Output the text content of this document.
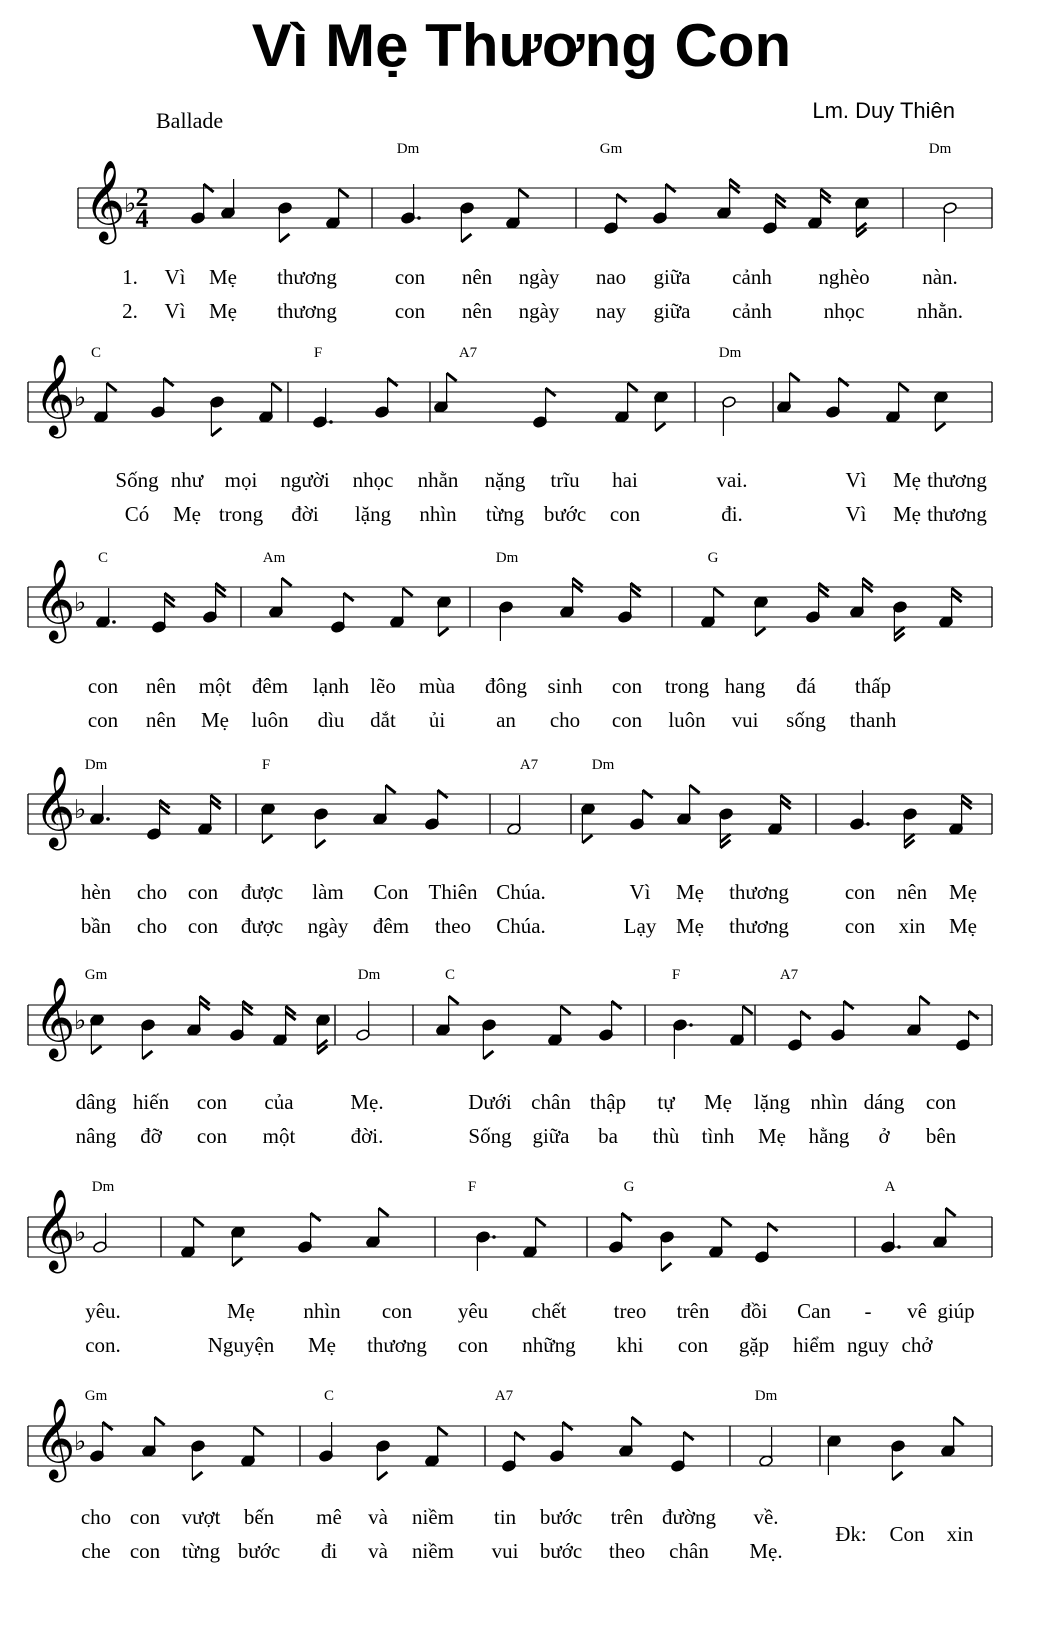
Vì Mẹ Thương Con
Ballade	Lm. Duy Thiên
𝄞
♭ 2
4
Dm	Gm	Dm
1. Vì Mẹ thương	con nên ngày nao giữa cảnh nghèo	nàn.
2. Vì Mẹ thương	con nên ngày nay giữa cảnh nhọc	nhằn.
𝄞
♭
C	F	A7	Dm
Sống như mọi người nhọc nhằn nặng trĩu hai	vai.	Vì Mẹ thương
Có Mẹ trong đời lặng nhìn từng bước con	đi.	Vì Mẹ thương
𝄞
♭
C	Am	Dm	G
con nên một đêm lạnh lẽo mùa đông sinh con trong hang đá thấp
con nên Mẹ luôn dìu dắt ủi an cho con luôn vui sống thanh
𝄞
♭
Dm	F	A7	Dm
hèn cho con được làm Con Thiên Chúa.	Vì Mẹ thương	con nên Mẹ
bần cho con được ngày đêm theo Chúa.	Lạy Mẹ thương	con xin Mẹ
𝄞
♭
Gm	Dm	C	F	A7
dâng hiến con của	Mẹ.	Dưới chân thập tự Mẹ lặng nhìn dáng con
nâng đỡ con một	đời.	Sống giữa ba thù tình Mẹ hằng ở bên
𝄞
♭
Dm	F	G	A
yêu.	Mẹ nhìn con yêu chết treo trên đồi Can - vê giúp
con.	Nguyện Mẹ thương con những khi con gặp hiểm nguy chở
𝄞
♭
Gm	C	A7	Dm
cho con vượt bến mê và niềm tin bước trên đường về.
che con từng bước đi và niềm vui bước theo chân Mẹ.
Đk: Con xin
